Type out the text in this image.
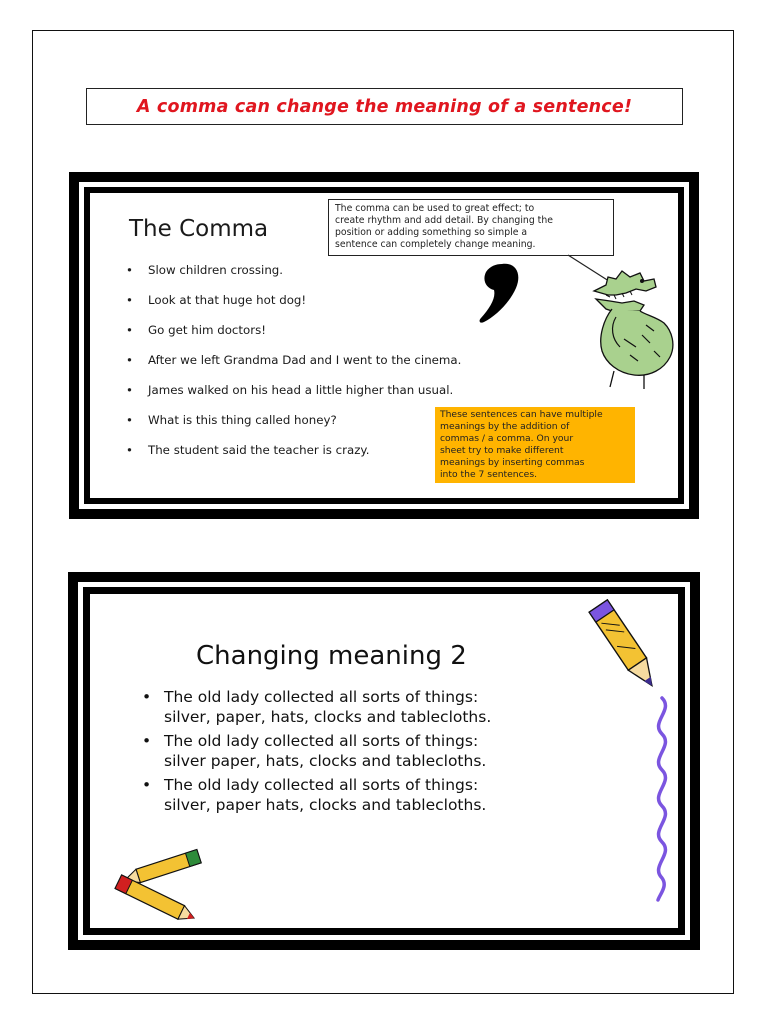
A comma can change the meaning of a sentence!
The Comma
• Slow children crossing.
• Look at that huge hot dog!
• Go get him doctors!
• After we left Grandma Dad and I went to the cinema.
• James walked on his head a little higher than usual.
• What is this thing called honey?
• The student said the teacher is crazy.
The comma can be used to great effect; to
create rhythm and add detail. By changing the
position or adding something so simple a
sentence can completely change meaning.
These sentences can have multiple
meanings by the addition of
commas / a comma. On your
sheet try to make different
meanings by inserting commas
into the 7 sentences.
Changing meaning 2
• The old lady collected all sorts of things:
silver, paper, hats, clocks and tablecloths.
• The old lady collected all sorts of things:
silver paper, hats, clocks and tablecloths.
• The old lady collected all sorts of things:
silver, paper hats, clocks and tablecloths.
